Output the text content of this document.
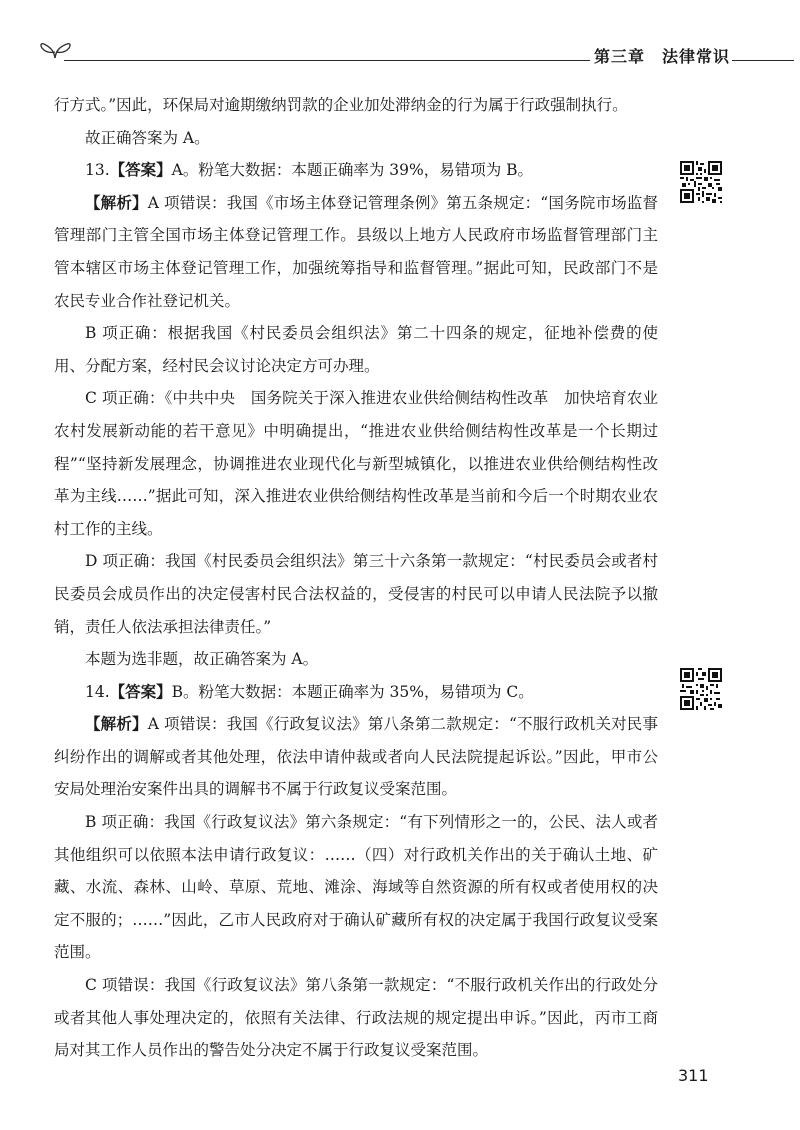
第三章　法律常识

行方式。”因此，环保局对逾期缴纳罚款的企业加处滞纳金的行为属于行政强制执行。

故正确答案为 A。

13.【答案】A。粉笔大数据：本题正确率为 39%，易错项为 B。

【解析】A 项错误：我国《市场主体登记管理条例》第五条规定：“国务院市场监督管理部门主管全国市场主体登记管理工作。县级以上地方人民政府市场监督管理部门主管本辖区市场主体登记管理工作，加强统筹指导和监督管理。”据此可知，民政部门不是农民专业合作社登记机关。

B 项正确：根据我国《村民委员会组织法》第二十四条的规定，征地补偿费的使用、分配方案，经村民会议讨论决定方可办理。

C 项正确：《中共中央　国务院关于深入推进农业供给侧结构性改革　加快培育农业农村发展新动能的若干意见》中明确提出，“推进农业供给侧结构性改革是一个长期过程”“坚持新发展理念，协调推进农业现代化与新型城镇化，以推进农业供给侧结构性改革为主线……”据此可知，深入推进农业供给侧结构性改革是当前和今后一个时期农业农村工作的主线。

D 项正确：我国《村民委员会组织法》第三十六条第一款规定：“村民委员会或者村民委员会成员作出的决定侵害村民合法权益的，受侵害的村民可以申请人民法院予以撤销，责任人依法承担法律责任。”

本题为选非题，故正确答案为 A。

14.【答案】B。粉笔大数据：本题正确率为 35%，易错项为 C。

【解析】A 项错误：我国《行政复议法》第八条第二款规定：“不服行政机关对民事纠纷作出的调解或者其他处理，依法申请仲裁或者向人民法院提起诉讼。”因此，甲市公安局处理治安案件出具的调解书不属于行政复议受案范围。

B 项正确：我国《行政复议法》第六条规定：“有下列情形之一的，公民、法人或者其他组织可以依照本法申请行政复议：……（四）对行政机关作出的关于确认土地、矿藏、水流、森林、山岭、草原、荒地、滩涂、海域等自然资源的所有权或者使用权的决定不服的；……”因此，乙市人民政府对于确认矿藏所有权的决定属于我国行政复议受案范围。

C 项错误：我国《行政复议法》第八条第一款规定：“不服行政机关作出的行政处分或者其他人事处理决定的，依照有关法律、行政法规的规定提出申诉。”因此，丙市工商局对其工作人员作出的警告处分决定不属于行政复议受案范围。

311
